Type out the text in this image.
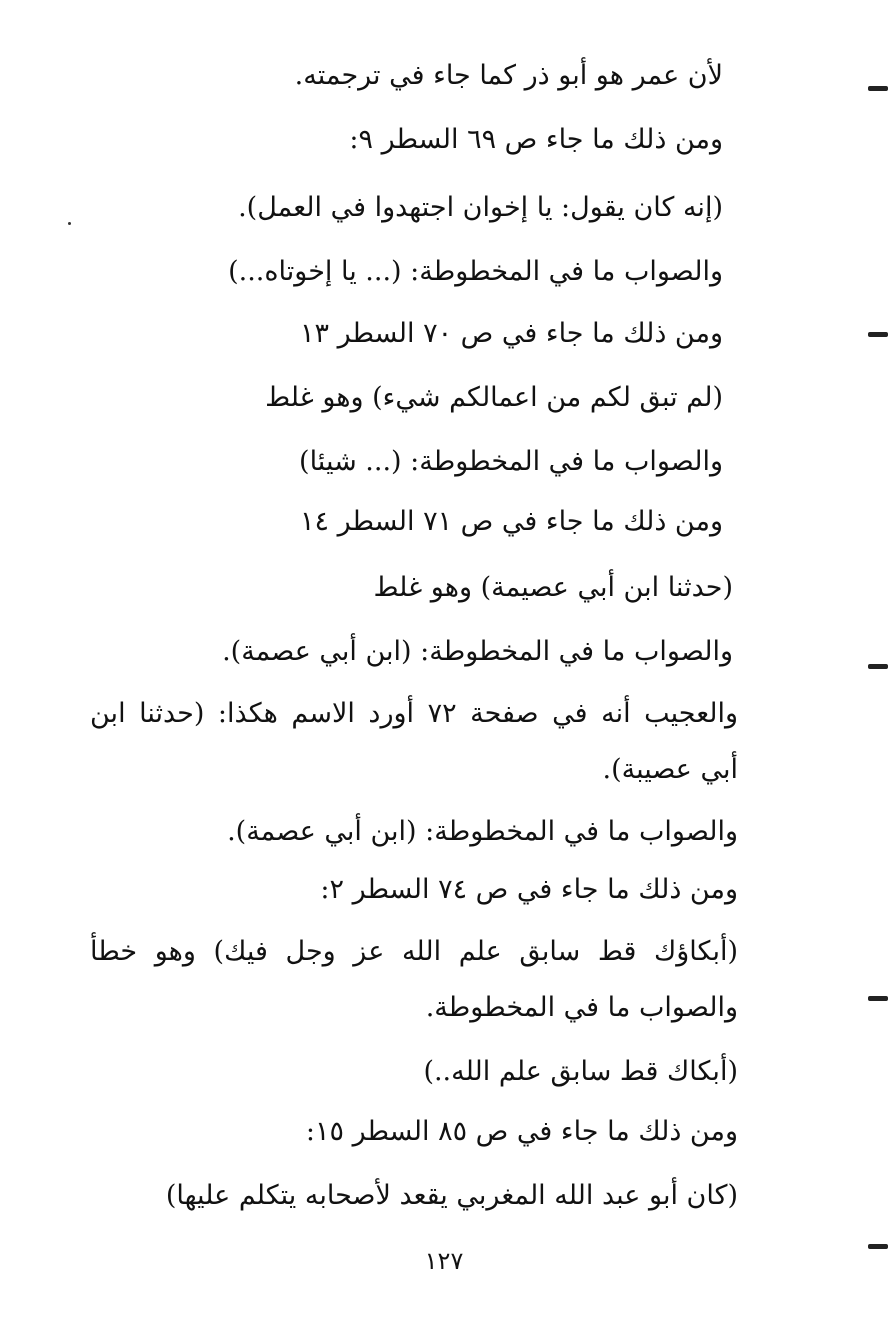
لأن عمر هو أبو ذر كما جاء في ترجمته.
ومن ذلك ما جاء ص ٦٩ السطر ٩:
(إنه كان يقول: يا إخوان اجتهدوا في العمل).
والصواب ما في المخطوطة: (... يا إخوتاه...)
ومن ذلك ما جاء في ص ٧٠ السطر ١٣
(لم تبق لكم من اعمالكم شيء) وهو غلط
والصواب ما في المخطوطة: (... شيئا)
ومن ذلك ما جاء في ص ٧١ السطر ١٤
(حدثنا ابن أبي عصيمة) وهو غلط
والصواب ما في المخطوطة: (ابن أبي عصمة).
والعجيب أنه في صفحة ٧٢ أورد الاسم هكذا: (حدثنا ابن أبي عصيبة).
والصواب ما في المخطوطة: (ابن أبي عصمة).
ومن ذلك ما جاء في ص ٧٤ السطر ٢:
(أبكاؤك قط سابق علم الله عز وجل فيك) وهو خطأ والصواب ما في المخطوطة.
(أبكاك قط سابق علم الله..)
ومن ذلك ما جاء في ص ٨٥ السطر ١٥:
(كان أبو عبد الله المغربي يقعد لأصحابه يتكلم عليها)
١٢٧
